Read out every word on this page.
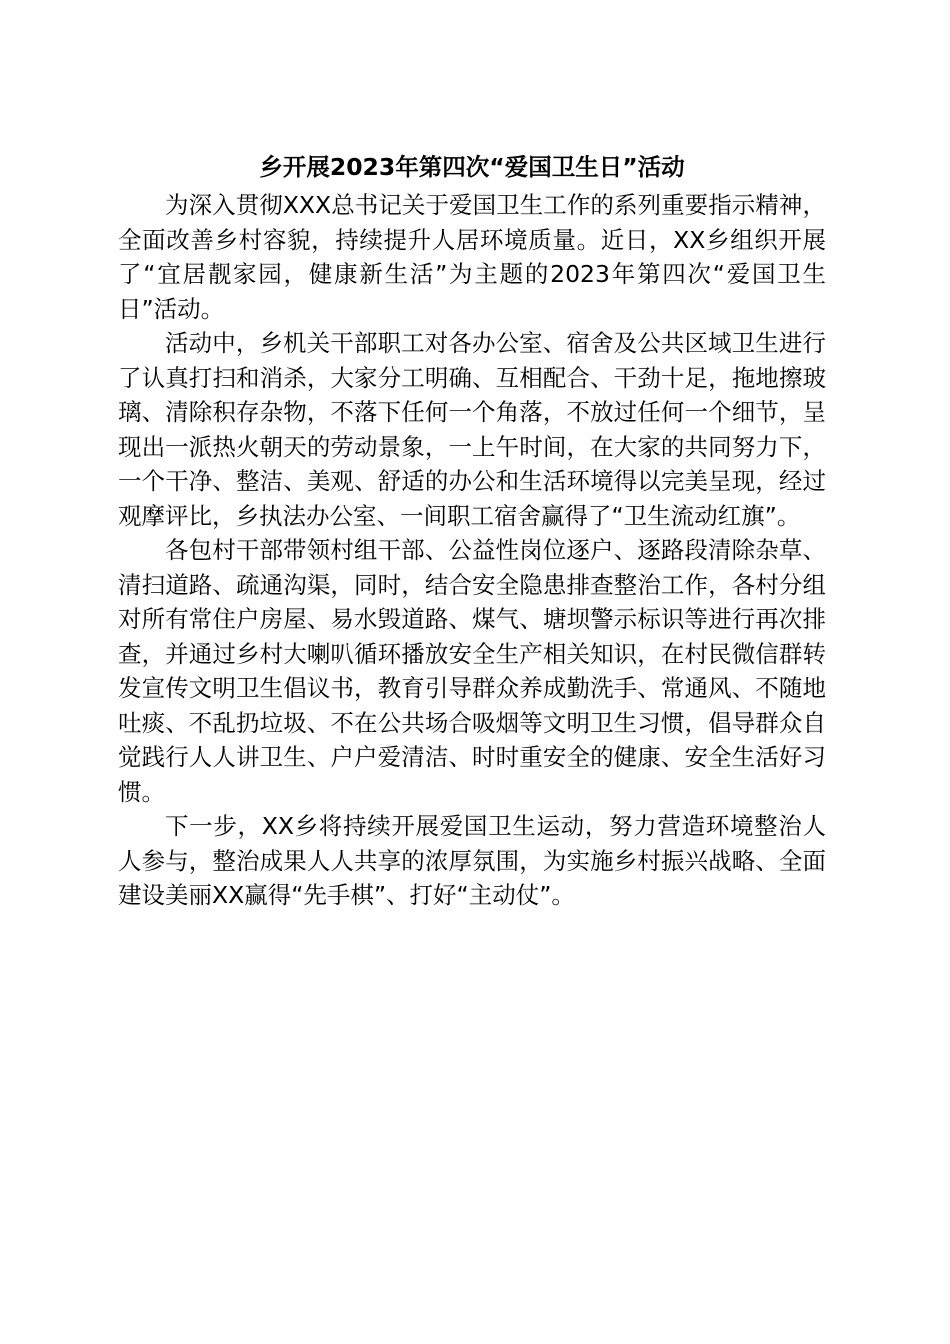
乡开展2023年第四次“爱国卫生日”活动

为深入贯彻XXX总书记关于爱国卫生工作的系列重要指示精神，全面改善乡村容貌，持续提升人居环境质量。近日，XX乡组织开展了“宜居靓家园，健康新生活”为主题的2023年第四次“爱国卫生日”活动。

活动中，乡机关干部职工对各办公室、宿舍及公共区域卫生进行了认真打扫和消杀，大家分工明确、互相配合、干劲十足，拖地擦玻璃、清除积存杂物，不落下任何一个角落，不放过任何一个细节，呈现出一派热火朝天的劳动景象，一上午时间，在大家的共同努力下，一个干净、整洁、美观、舒适的办公和生活环境得以完美呈现，经过观摩评比，乡执法办公室、一间职工宿舍赢得了“卫生流动红旗”。

各包村干部带领村组干部、公益性岗位逐户、逐路段清除杂草、清扫道路、疏通沟渠，同时，结合安全隐患排查整治工作，各村分组对所有常住户房屋、易水毁道路、煤气、塘坝警示标识等进行再次排查，并通过乡村大喇叭循环播放安全生产相关知识，在村民微信群转发宣传文明卫生倡议书，教育引导群众养成勤洗手、常通风、不随地吐痰、不乱扔垃圾、不在公共场合吸烟等文明卫生习惯，倡导群众自觉践行人人讲卫生、户户爱清洁、时时重安全的健康、安全生活好习惯。

下一步，XX乡将持续开展爱国卫生运动，努力营造环境整治人人参与，整治成果人人共享的浓厚氛围，为实施乡村振兴战略、全面建设美丽XX赢得“先手棋”、打好“主动仗”。
